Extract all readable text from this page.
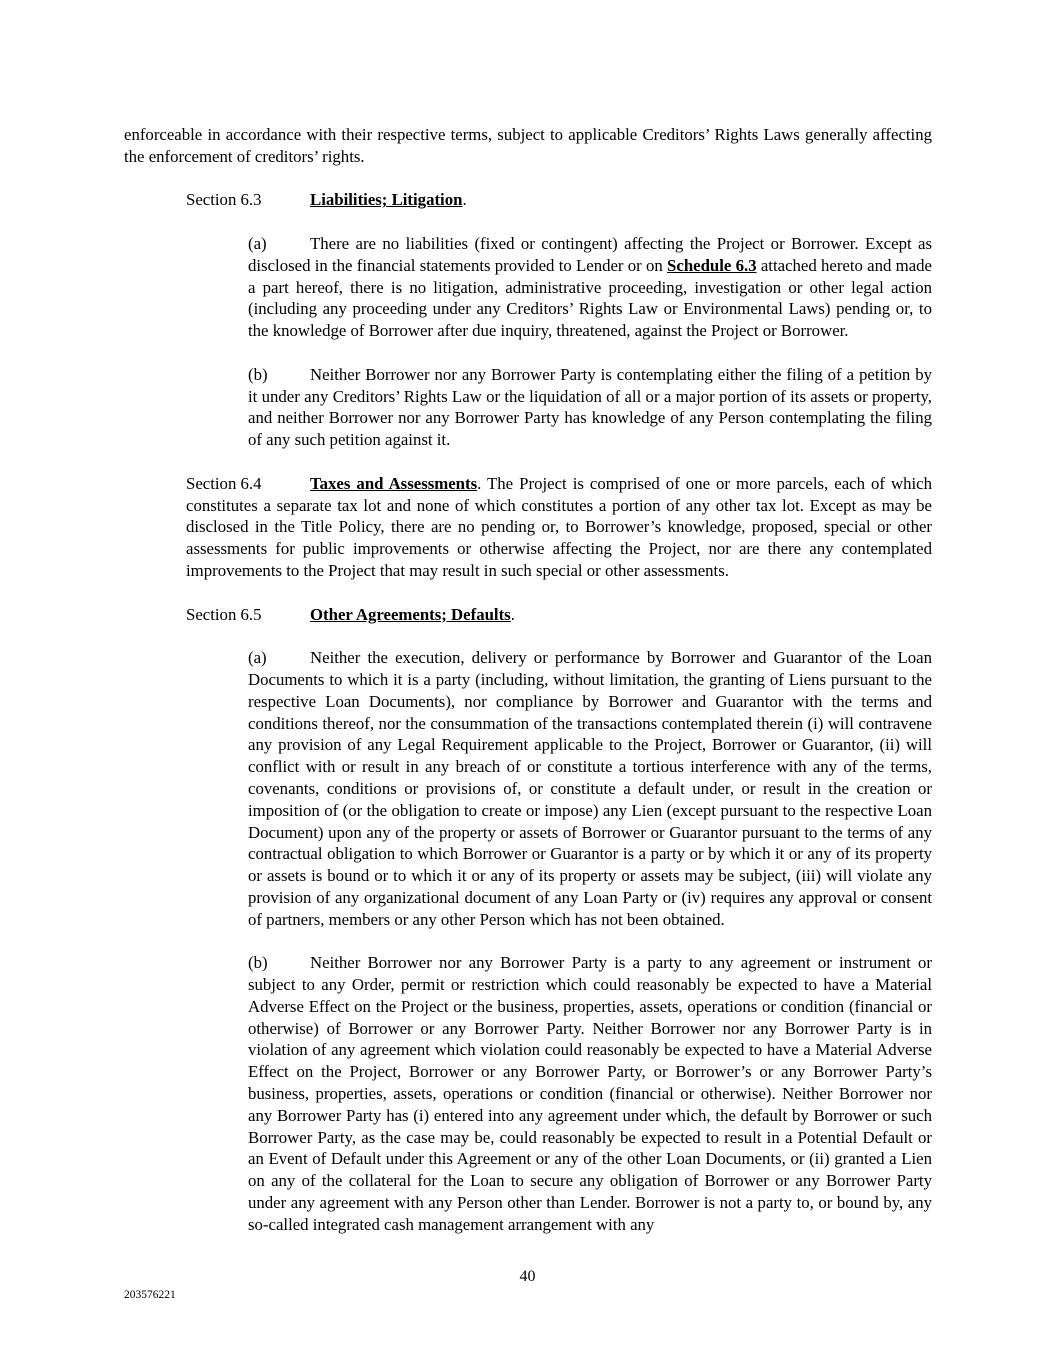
enforceable in accordance with their respective terms, subject to applicable Creditors’ Rights Laws generally affecting the enforcement of creditors’ rights.

Section 6.3	Liabilities; Litigation.

(a)	There are no liabilities (fixed or contingent) affecting the Project or Borrower. Except as disclosed in the financial statements provided to Lender or on Schedule 6.3 attached hereto and made a part hereof, there is no litigation, administrative proceeding, investigation or other legal action (including any proceeding under any Creditors’ Rights Law or Environmental Laws) pending or, to the knowledge of Borrower after due inquiry, threatened, against the Project or Borrower.

(b)	Neither Borrower nor any Borrower Party is contemplating either the filing of a petition by it under any Creditors’ Rights Law or the liquidation of all or a major portion of its assets or property, and neither Borrower nor any Borrower Party has knowledge of any Person contemplating the filing of any such petition against it.

Section 6.4	Taxes and Assessments. The Project is comprised of one or more parcels, each of which constitutes a separate tax lot and none of which constitutes a portion of any other tax lot. Except as may be disclosed in the Title Policy, there are no pending or, to Borrower’s knowledge, proposed, special or other assessments for public improvements or otherwise affecting the Project, nor are there any contemplated improvements to the Project that may result in such special or other assessments.

Section 6.5	Other Agreements; Defaults.

(a)	Neither the execution, delivery or performance by Borrower and Guarantor of the Loan Documents to which it is a party (including, without limitation, the granting of Liens pursuant to the respective Loan Documents), nor compliance by Borrower and Guarantor with the terms and conditions thereof, nor the consummation of the transactions contemplated therein (i) will contravene any provision of any Legal Requirement applicable to the Project, Borrower or Guarantor, (ii) will conflict with or result in any breach of or constitute a tortious interference with any of the terms, covenants, conditions or provisions of, or constitute a default under, or result in the creation or imposition of (or the obligation to create or impose) any Lien (except pursuant to the respective Loan Document) upon any of the property or assets of Borrower or Guarantor pursuant to the terms of any contractual obligation to which Borrower or Guarantor is a party or by which it or any of its property or assets is bound or to which it or any of its property or assets may be subject, (iii) will violate any provision of any organizational document of any Loan Party or (iv) requires any approval or consent of partners, members or any other Person which has not been obtained.

(b)	Neither Borrower nor any Borrower Party is a party to any agreement or instrument or subject to any Order, permit or restriction which could reasonably be expected to have a Material Adverse Effect on the Project or the business, properties, assets, operations or condition (financial or otherwise) of Borrower or any Borrower Party. Neither Borrower nor any Borrower Party is in violation of any agreement which violation could reasonably be expected to have a Material Adverse Effect on the Project, Borrower or any Borrower Party, or Borrower’s or any Borrower Party’s business, properties, assets, operations or condition (financial or otherwise). Neither Borrower nor any Borrower Party has (i) entered into any agreement under which, the default by Borrower or such Borrower Party, as the case may be, could reasonably be expected to result in a Potential Default or an Event of Default under this Agreement or any of the other Loan Documents, or (ii) granted a Lien on any of the collateral for the Loan to secure any obligation of Borrower or any Borrower Party under any agreement with any Person other than Lender. Borrower is not a party to, or bound by, any so-called integrated cash management arrangement with any

40
203576221
